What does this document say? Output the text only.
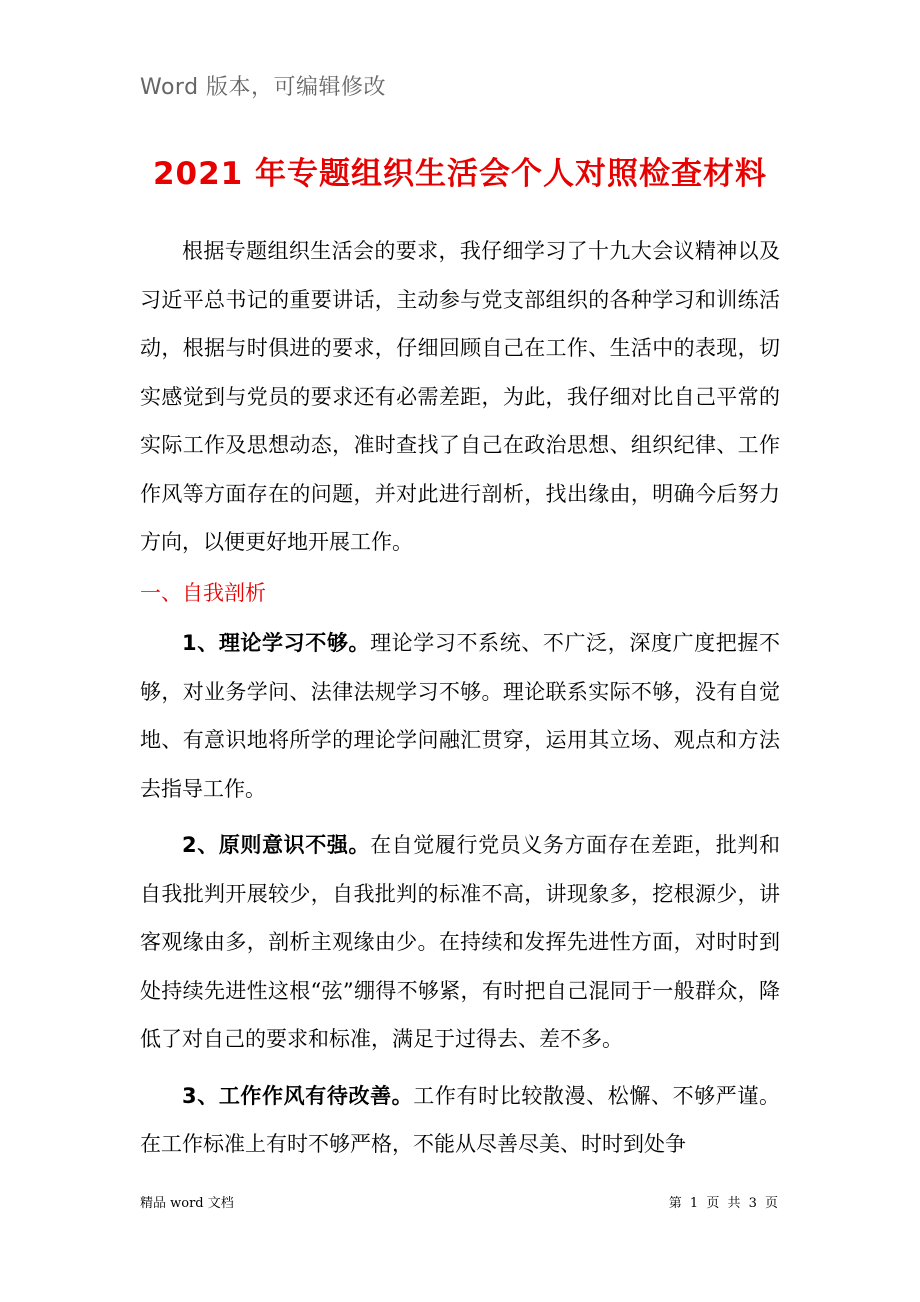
Word 版本，可编辑修改
2021 年专题组织生活会个人对照检查材料

根据专题组织生活会的要求，我仔细学习了十九大会议精神以及习近平总书记的重要讲话，主动参与党支部组织的各种学习和训练活动，根据与时俱进的要求，仔细回顾自己在工作、生活中的表现，切实感觉到与党员的要求还有必需差距，为此，我仔细对比自己平常的实际工作及思想动态，准时查找了自己在政治思想、组织纪律、工作作风等方面存在的问题，并对此进行剖析，找出缘由，明确今后努力方向，以便更好地开展工作。

一、自我剖析

1、理论学习不够。理论学习不系统、不广泛，深度广度把握不够，对业务学问、法律法规学习不够。理论联系实际不够，没有自觉地、有意识地将所学的理论学问融汇贯穿，运用其立场、观点和方法去指导工作。

2、原则意识不强。在自觉履行党员义务方面存在差距，批判和自我批判开展较少，自我批判的标准不高，讲现象多，挖根源少，讲客观缘由多，剖析主观缘由少。在持续和发挥先进性方面，对时时到处持续先进性这根“弦”绷得不够紧，有时把自己混同于一般群众，降低了对自己的要求和标准，满足于过得去、差不多。

3、工作作风有待改善。工作有时比较散漫、松懈、不够严谨。在工作标准上有时不够严格，不能从尽善尽美、时时到处争

精品 word 文档	第 1 页 共 3 页
